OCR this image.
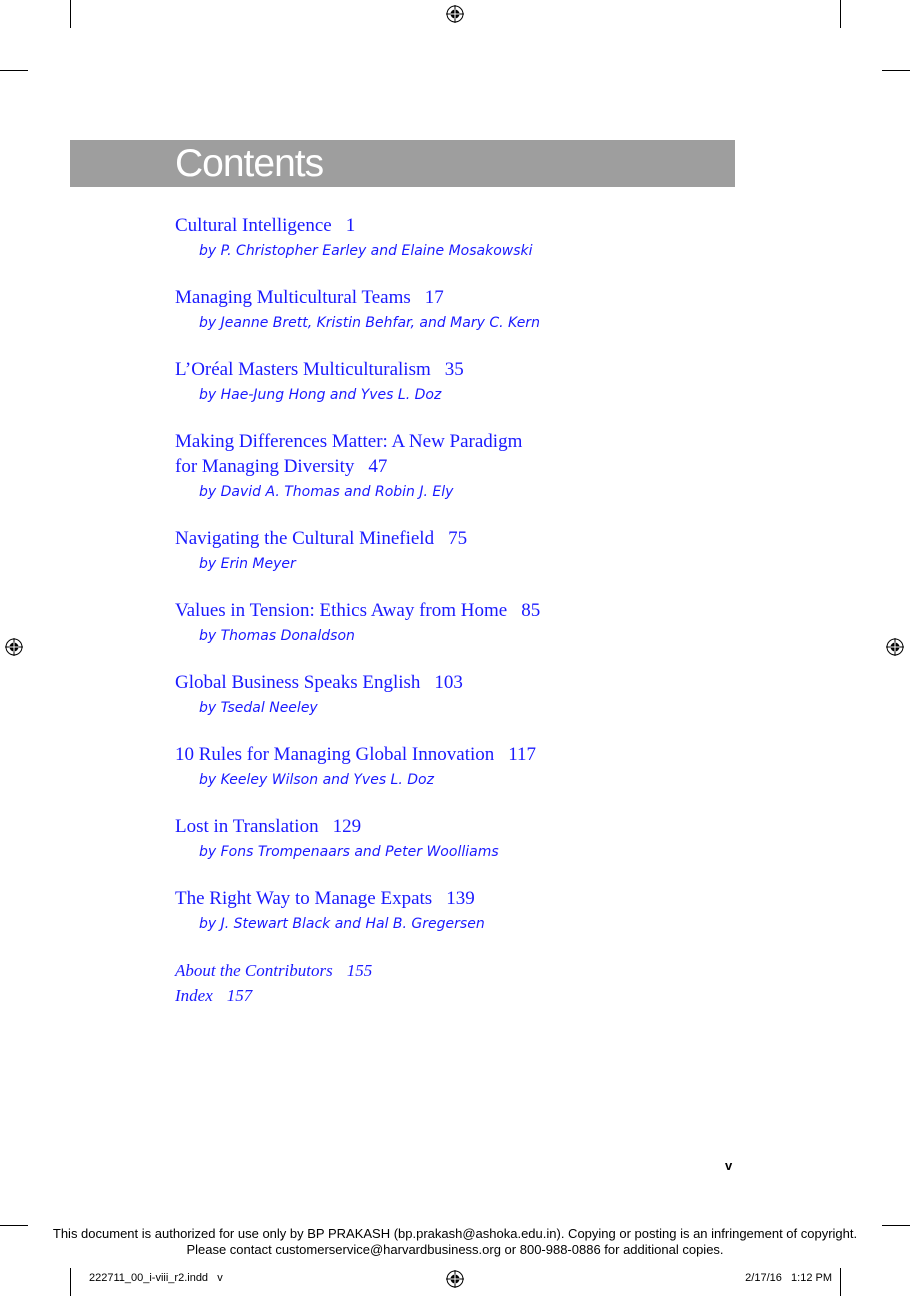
Contents
Cultural Intelligence 1
by P. Christopher Earley and Elaine Mosakowski
Managing Multicultural Teams 17
by Jeanne Brett, Kristin Behfar, and Mary C. Kern
L’Oréal Masters Multiculturalism 35
by Hae-Jung Hong and Yves L. Doz
Making Differences Matter: A New Paradigm
for Managing Diversity 47
by David A. Thomas and Robin J. Ely
Navigating the Cultural Minefield 75
by Erin Meyer
Values in Tension: Ethics Away from Home 85
by Thomas Donaldson
Global Business Speaks English 103
by Tsedal Neeley
10 Rules for Managing Global Innovation 117
by Keeley Wilson and Yves L. Doz
Lost in Translation 129
by Fons Trompenaars and Peter Woolliams
The Right Way to Manage Expats 139
by J. Stewart Black and Hal B. Gregersen
About the Contributors 155
Index 157
v
This document is authorized for use only by BP PRAKASH (bp.prakash@ashoka.edu.in). Copying or posting is an infringement of copyright.
Please contact customerservice@harvardbusiness.org or 800-988-0886 for additional copies.
222711_00_i-viii_r2.indd   v	2/17/16   1:12 PM
